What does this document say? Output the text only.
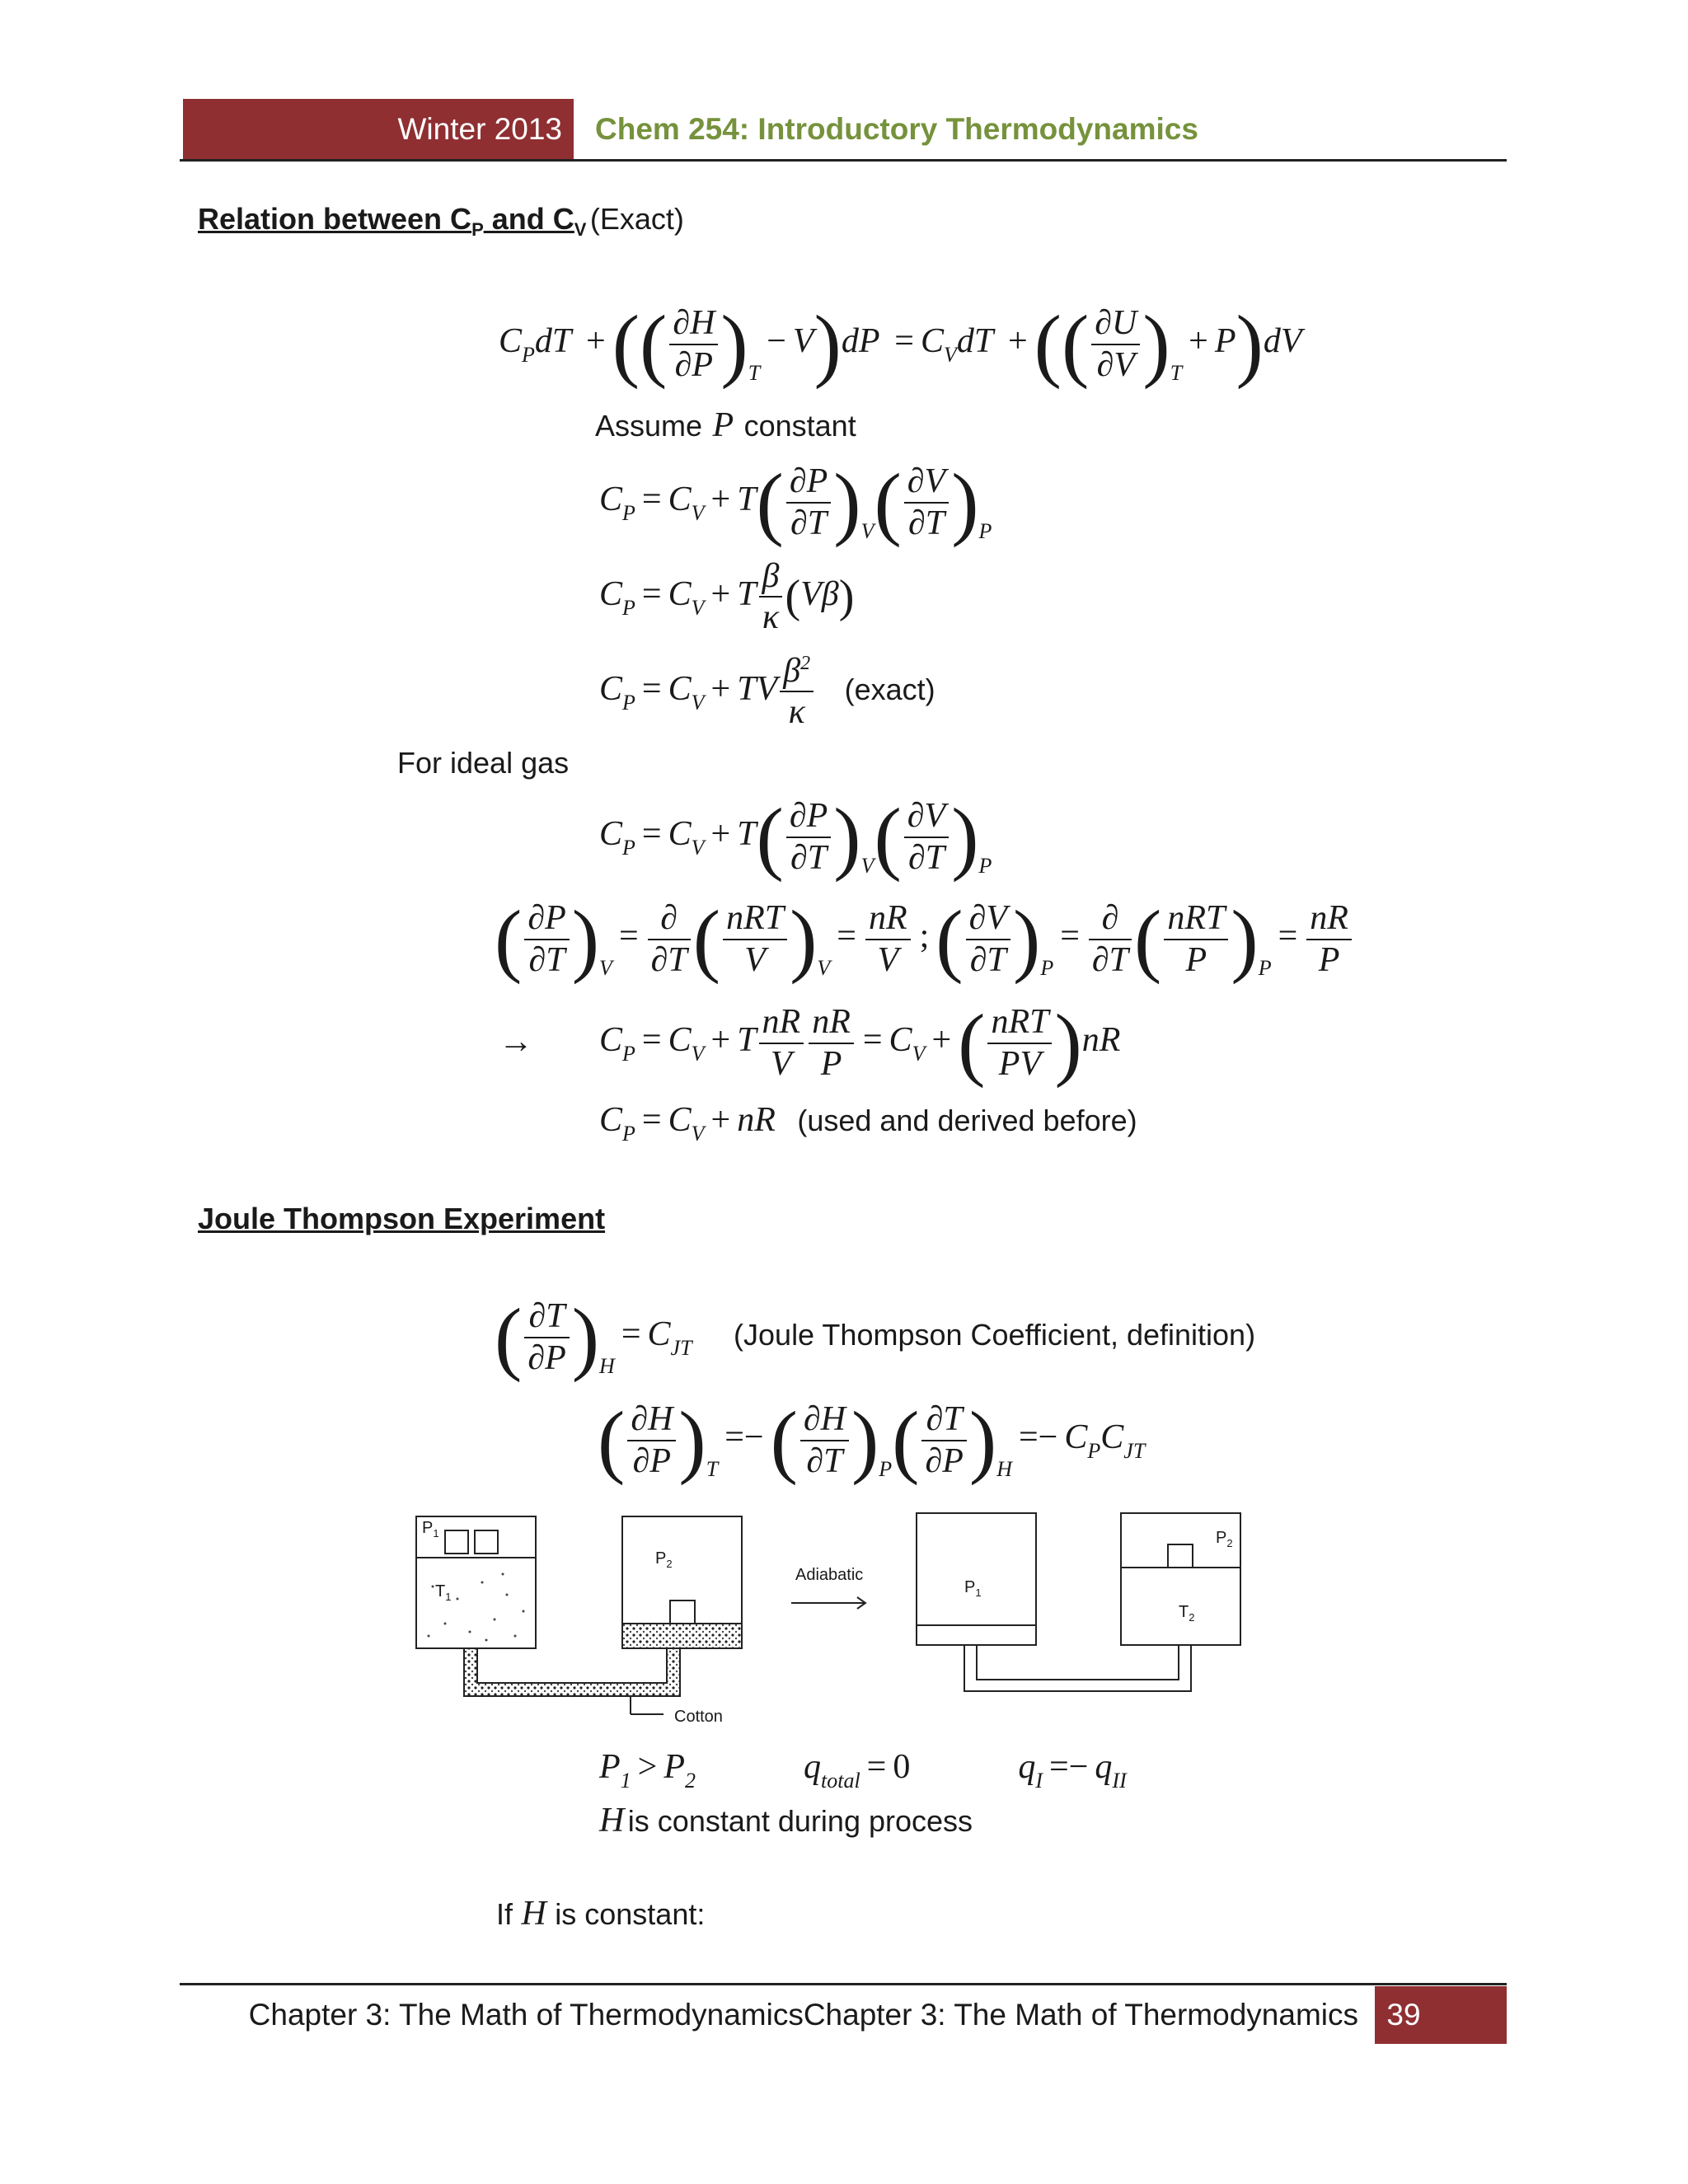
Winter 2013 Chem 254: Introductory Thermodynamics
Relation between $C_P$ and $C_V$ (Exact)
$C_PdT$ +(( $\frac{\partial H}{\partial P} )_T- V)dP = C_VdT$ +(( $\frac{\partial U}{\partial V} )_T+ P)dV$
Assume P constant
$C_P = C_V + T( \frac{\partial P}{\partial T} )_V( \frac{\partial V}{\partial T} )_P$
$C_P = C_V + T \frac{\beta}{\kappa} (V\beta)$
$C_P = C_V$ + TV $\frac{\beta^2}{\kappa}$ (exact)
For ideal gas
$C_P = C_V + T( \frac{\partial P}{\partial T} )_V( \frac{\partial V}{\partial T} )_P$
( $\frac{\partial P}{\partial T} )_V=$ ∂
∂T ( nRT
V )$_V= \frac{nR}{V}$ ;( $\frac{\partial V}{\partial T} )_P=$ ∂
∂T ( nRT
P )$_P= \frac{nR}{P}$
→ $C_P = C_V + T \frac{nR}{V} \frac{nR}{P} = C_V$ +( nRT
PV )nR
$C_P = C_V$ + nR (used and derived before)
Joule Thompson Experiment
( $\frac{\partial T}{\partial P} )_H= C_{JT}$ (Joule Thompson Coefficient, definition)
( $\frac{\partial H}{\partial P} )_T=-( \frac{\partial H}{\partial T} )_P( \frac{\partial T}{\partial P} )_H=- C_PC_{JT}$
$P_1$
$T_1$
$P_2$
Adiabatic
Cotton
$P_1$
$P_2$
$T_2$
$P_1 > P_2$	$q_{total} = 0$	$q_I =- q_{II}$
H is constant during process
If H is constant:
Chapter 3: The Math of ThermodynamicsChapter 3: The Math of Thermodynamics 39
